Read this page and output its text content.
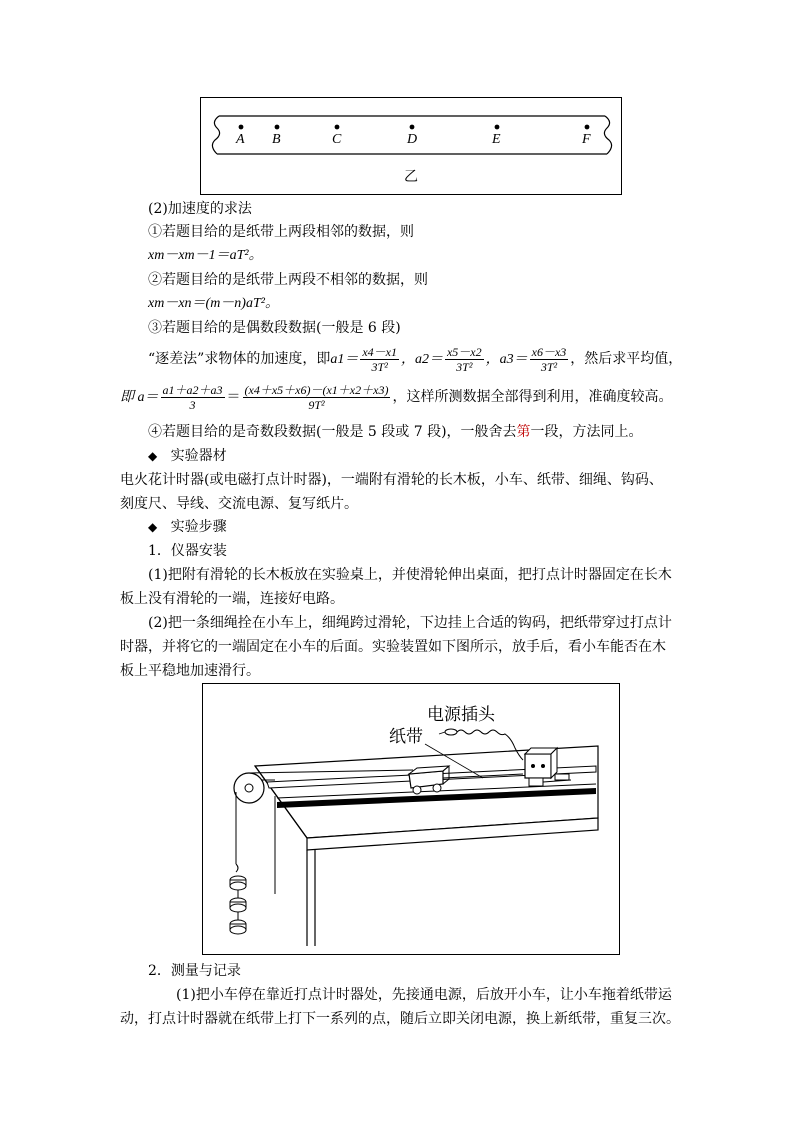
A B	C	D	E	F
乙
(2)加速度的求法
①若题目给的是纸带上两段相邻的数据，则
xm－xm－1＝aT²。
②若题目给的是纸带上两段不相邻的数据，则
xm－xn＝(m－n)aT²。
③若题目给的是偶数段数据(一般是 6 段)
“逐差法”求物体的加速度，即$a1= \frac{x4-x1}{\text{3T²}}$ ，$a2= \frac{x5-x2}{\text{3T²}}$ ，$a3= \frac{x6-x3}{\text{3T²}}$ ，然后求平均值，
即 $a= \frac{a1+a2+a3}{3} = \frac{(x4+x5+x6)-(x1+x2+x3)}{\text{9T²}}$ ，这样所测数据全部得到利用，准确度较高。
④若题目给的是奇数段数据(一般是 5 段或 7 段)，一般舍去第一段，方法同上。
◆ 实验器材
电火花计时器(或电磁打点计时器)，一端附有滑轮的长木板，小车、纸带、细绳、钩码、
刻度尺、导线、交流电源、复写纸片。
◆ 实验步骤
1．仪器安装
(1)把附有滑轮的长木板放在实验桌上，并使滑轮伸出桌面，把打点计时器固定在长木
板上没有滑轮的一端，连接好电路。
(2)把一条细绳拴在小车上，细绳跨过滑轮，下边挂上合适的钩码，把纸带穿过打点计
时器，并将它的一端固定在小车的后面。实验装置如下图所示，放手后，看小车能否在木
板上平稳地加速滑行。
电源插头
纸带
2．测量与记录
(1)把小车停在靠近打点计时器处，先接通电源，后放开小车，让小车拖着纸带运
动，打点计时器就在纸带上打下一系列的点，随后立即关闭电源，换上新纸带，重复三次。
